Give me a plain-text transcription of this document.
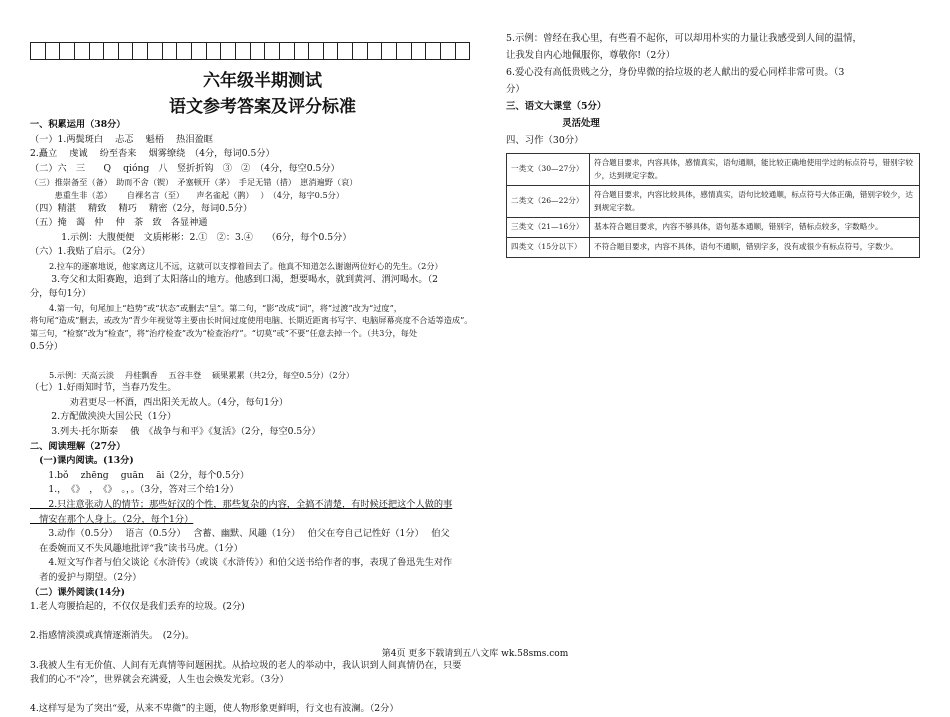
六年级半期测试
语文参考答案及评分标准

一、积累运用（38分）

（一）1.两鬓斑白　 忐忑　 魁梧　 热泪盈眶

2.矗立　 虔诚　 纷至沓来　 烟雾缭绕　（4分，每词0.5分）

（二）六　三　　Q　 qióng　八　竖折折钩　③　②　（4分，每空0.5分）

（三）推崇备至（备）　助而不舍（锲）　矛塞顿开（茅）　手足无错（措）　崽消遍野（哀）

　　　患重生非（恙）　　 自裸名言（至）　　声名雀起（鹊）　 ）　（4分，每字0.5分）

（四）精湛　 精致　 精巧　 精密（2分，每词0.5分）

（五）掩　蔼　仲　 仲　茶　致　各显神通

　　 1.示例：大腹便便　文质彬彬：2.①　②：3.④　　（6分，每个0.5分）

（六）1.我贴了启示。（2分）

　　 2.拉车的逐寨地说，他家离这儿不远，这就可以支撑着回去了。他真不知道怎么谢谢两位好心的先生。（2分）

　　 3.夸父和太阳赛跑，追到了太阳落山的地方。他感到口渴，想要喝水，就到黄河、渭河喝水。（2

分，每句1分）

　　 4.第一句，句尾加上“趋势”或“状态”或删去“呈”。第二句，“影”改成“词”，将“过渡”改为“过度”，

将句尾“造成”删去，或改为“青少年视觉等主要由长时间过度使用电脑、长期近距离书写字、电脑屏幕亮度不合适等造成”。

第三句，“检察”改为“检查”，将“治疗检查”改为“检查治疗”。“切莫”或“不要”任意去掉一个。（共3分，每处

0.5分）

　　 5.示例：天高云淡　 丹桂飘香　 五谷丰登　 硕果累累（共2分，每空0.5分）（2分）

（七）1.好雨知时节，当春乃发生。

　　　　 劝君更尽一杯酒，西出阳关无故人。（4分，每句1分）

　　 2.方配做泱泱大国公民（1分）

　　 3.列夫·托尔斯泰　 俄　《战争与和平》《复活》（2分，每空0.5分）

二、阅读理解（27分）

　(一)课内阅读。(13分)

　　1.bǒ　 zhēng　 guān　 āi（2分，每个0.5分）

　　1.，　《》　，　《》　。，。（3分，答对三个给1分）

　　2.只注意张动人的情节；那些好汉的个性，那些复杂的内容，全搞不清楚，有时候还把这个人做的事

　情安在那个人身上。（2分，每个1分）

　　3.动作（0.5分）　 语言（0.5分）　 含蓄、幽默、风趣（1分）　 伯父在夸自己记性好（1分）　 伯父

　在委婉而又不失风趣地批评“我”读书马虎。（1分）

　　4.短文写作者与伯父谈论《水浒传》（或谈《水浒传》）和伯父送书给作者的事，表现了鲁迅先生对作

　者的爱护与期望。（2分）

（二）课外阅读(14分)

1.老人弯腰拾起的，不仅仅是我们丢弃的垃圾。(2分)

2.指感情淡漠或真情逐渐消失。　(2分)。

3.我被人生有无价值、人间有无真情等问题困扰。从拾垃圾的老人的举动中，我认识到人间真情仍在，只要

我们的心不“冷”，世界就会充满爱，人生也会焕发光彩。（3分）

4.这样写是为了突出“爱，从来不卑微”的主题，使人物形象更鲜明，行文也有波澜。（2分）

5.示例：曾经在我心里，有些看不起你，可以却用朴实的力量让我感受到人间的温情，

让我发自内心地佩服你，尊敬你!（2分）

6.爱心没有高低贵贱之分，身份卑微的拾垃圾的老人献出的爱心同样非常可贵。（3

分）

三、语文大课堂（5分）

　　　　　　灵活处理

四、习作（30分）

一类文（30—27分）	符合题目要求，内容具体，感情真实，语句通顺，能比较正确地使用学过的标点符号，错别字较少，达到规定字数。
二类文（26—22分）	符合题目要求，内容比较具体，感情真实，语句比较通顺，标点符号大体正确，错别字较少，达到规定字数。
三类文（21—16分）	基本符合题目要求，内容不够具体，语句基本通顺，错别字，错标点较多，字数略少。
四类文（15分以下）	不符合题目要求，内容不具体，语句不通顺，错别字多，没有或很少有标点符号，字数少。
第4页 更多下载请到五八文库 wk.58sms.com
